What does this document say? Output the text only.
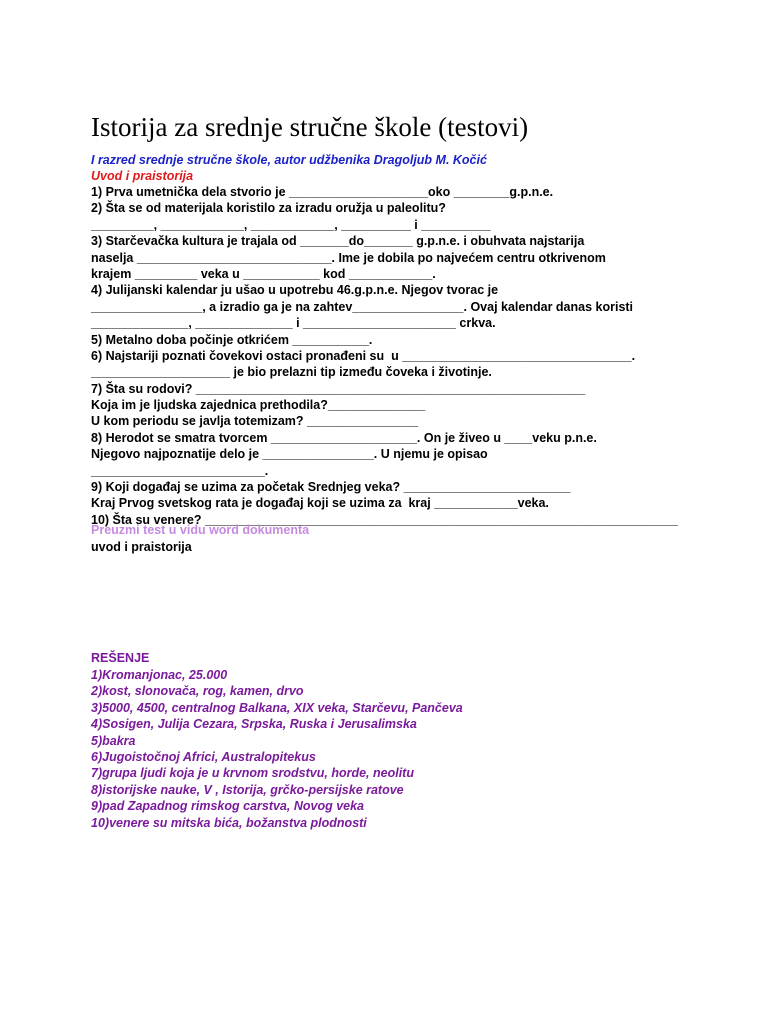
Istorija za srednje stručne škole (testovi)
I razred srednje stručne škole, autor udžbenika Dragoljub M. Kočić
Uvod i praistorija
1) Prva umetnička dela stvorio je ____________________oko ________g.p.n.e.
2) Šta se od materijala koristilo za izradu oružja u paleolitu?
_________, ____________, ____________, __________ i __________
3) Starčevačka kultura je trajala od _______do_______ g.p.n.e. i obuhvata najstarija
naselja ____________________________. Ime je dobila po najvećem centru otkrivenom
krajem _________ veka u ___________ kod ____________.
4) Julijanski kalendar ju ušao u upotrebu 46.g.p.n.e. Njegov tvorac je
________________, a izradio ga je na zahtev________________. Ovaj kalendar danas koristi
______________, ______________ i ______________________ crkva.
5) Metalno doba počinje otkrićem ___________.
6) Najstariji poznati čovekovi ostaci pronađeni su  u _________________________________.
____________________ je bio prelazni tip između čoveka i životinje.
7) Šta su rodovi? ________________________________________________________
Koja im je ljudska zajednica prethodila?______________
U kom periodu se javlja totemizam? ________________
8) Herodot se smatra tvorcem _____________________. On je živeo u ____veku p.n.e.
Njegovo najpoznatije delo je ________________. U njemu je opisao
_________________________.
9) Koji događaj se uzima za početak Srednjeg veka? ________________________
Kraj Prvog svetskog rata je događaj koji se uzima za  kraj ____________veka.
10) Šta su venere? ____________________________________________________________________
Preuzmi test u vidu word dokumenta
uvod i praistorija
REŠENJE
1)Kromanjonac, 25.000
2)kost, slonovača, rog, kamen, drvo
3)5000, 4500, centralnog Balkana, XIX veka, Starčevu, Pančeva
4)Sosigen, Julija Cezara, Srpska, Ruska i Jerusalimska
5)bakra
6)Jugoistočnoj Africi, Australopitekus
7)grupa ljudi koja je u krvnom srodstvu, horde, neolitu
8)istorijske nauke, V , Istorija, grčko-persijske ratove
9)pad Zapadnog rimskog carstva, Novog veka
10)venere su mitska bića, božanstva plodnosti
